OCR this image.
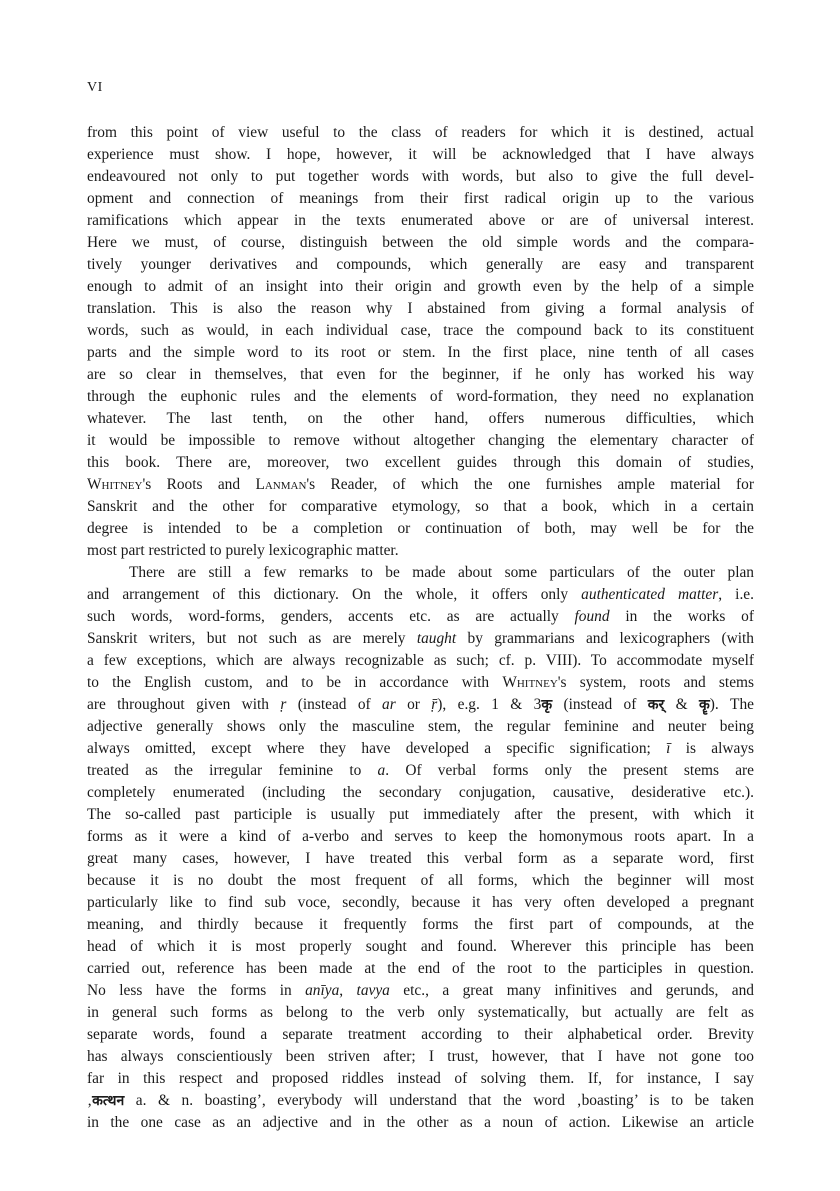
VI
from this point of view useful to the class of readers for which it is destined, actual
experience must show. I hope, however, it will be acknowledged that I have always
endeavoured not only to put together words with words, but also to give the full devel-
opment and connection of meanings from their first radical origin up to the various
ramifications which appear in the texts enumerated above or are of universal interest.
Here we must, of course, distinguish between the old simple words and the compara-
tively younger derivatives and compounds, which generally are easy and transparent
enough to admit of an insight into their origin and growth even by the help of a simple
translation. This is also the reason why I abstained from giving a formal analysis of
words, such as would, in each individual case, trace the compound back to its constituent
parts and the simple word to its root or stem. In the first place, nine tenth of all cases
are so clear in themselves, that even for the beginner, if he only has worked his way
through the euphonic rules and the elements of word-formation, they need no explanation
whatever. The last tenth, on the other hand, offers numerous difficulties, which
it would be impossible to remove without altogether changing the elementary character of
this book. There are, moreover, two excellent guides through this domain of studies,
Whitney's Roots and Lanman's Reader, of which the one furnishes ample material for
Sanskrit and the other for comparative etymology, so that a book, which in a certain
degree is intended to be a completion or continuation of both, may well be for the
most part restricted to purely lexicographic matter.
There are still a few remarks to be made about some particulars of the outer plan
and arrangement of this dictionary. On the whole, it offers only authenticated matter, i.e.
such words, word-forms, genders, accents etc. as are actually found in the works of
Sanskrit writers, but not such as are merely taught by grammarians and lexicographers (with
a few exceptions, which are always recognizable as such; cf. p. VIII). To accommodate myself
to the English custom, and to be in accordance with Whitney's system, roots and stems
are throughout given with ṛ (instead of ar or ṝ), e.g. 1 & 3कृ (instead of कर् & कॄ). The
adjective generally shows only the masculine stem, the regular feminine and neuter being
always omitted, except where they have developed a specific signification; ī is always
treated as the irregular feminine to a. Of verbal forms only the present stems are
completely enumerated (including the secondary conjugation, causative, desiderative etc.).
The so-called past participle is usually put immediately after the present, with which it
forms as it were a kind of a-verbo and serves to keep the homonymous roots apart. In a
great many cases, however, I have treated this verbal form as a separate word, first
because it is no doubt the most frequent of all forms, which the beginner will most
particularly like to find sub voce, secondly, because it has very often developed a pregnant
meaning, and thirdly because it frequently forms the first part of compounds, at the
head of which it is most properly sought and found. Wherever this principle has been
carried out, reference has been made at the end of the root to the participles in question.
No less have the forms in anīya, tavya etc., a great many infinitives and gerunds, and
in general such forms as belong to the verb only systematically, but actually are felt as
separate words, found a separate treatment according to their alphabetical order. Brevity
has always conscientiously been striven after; I trust, however, that I have not gone too
far in this respect and proposed riddles instead of solving them. If, for instance, I say
‚कत्थन a. & n. boasting’, everybody will understand that the word ‚boasting’ is to be taken
in the one case as an adjective and in the other as a noun of action. Likewise an article
